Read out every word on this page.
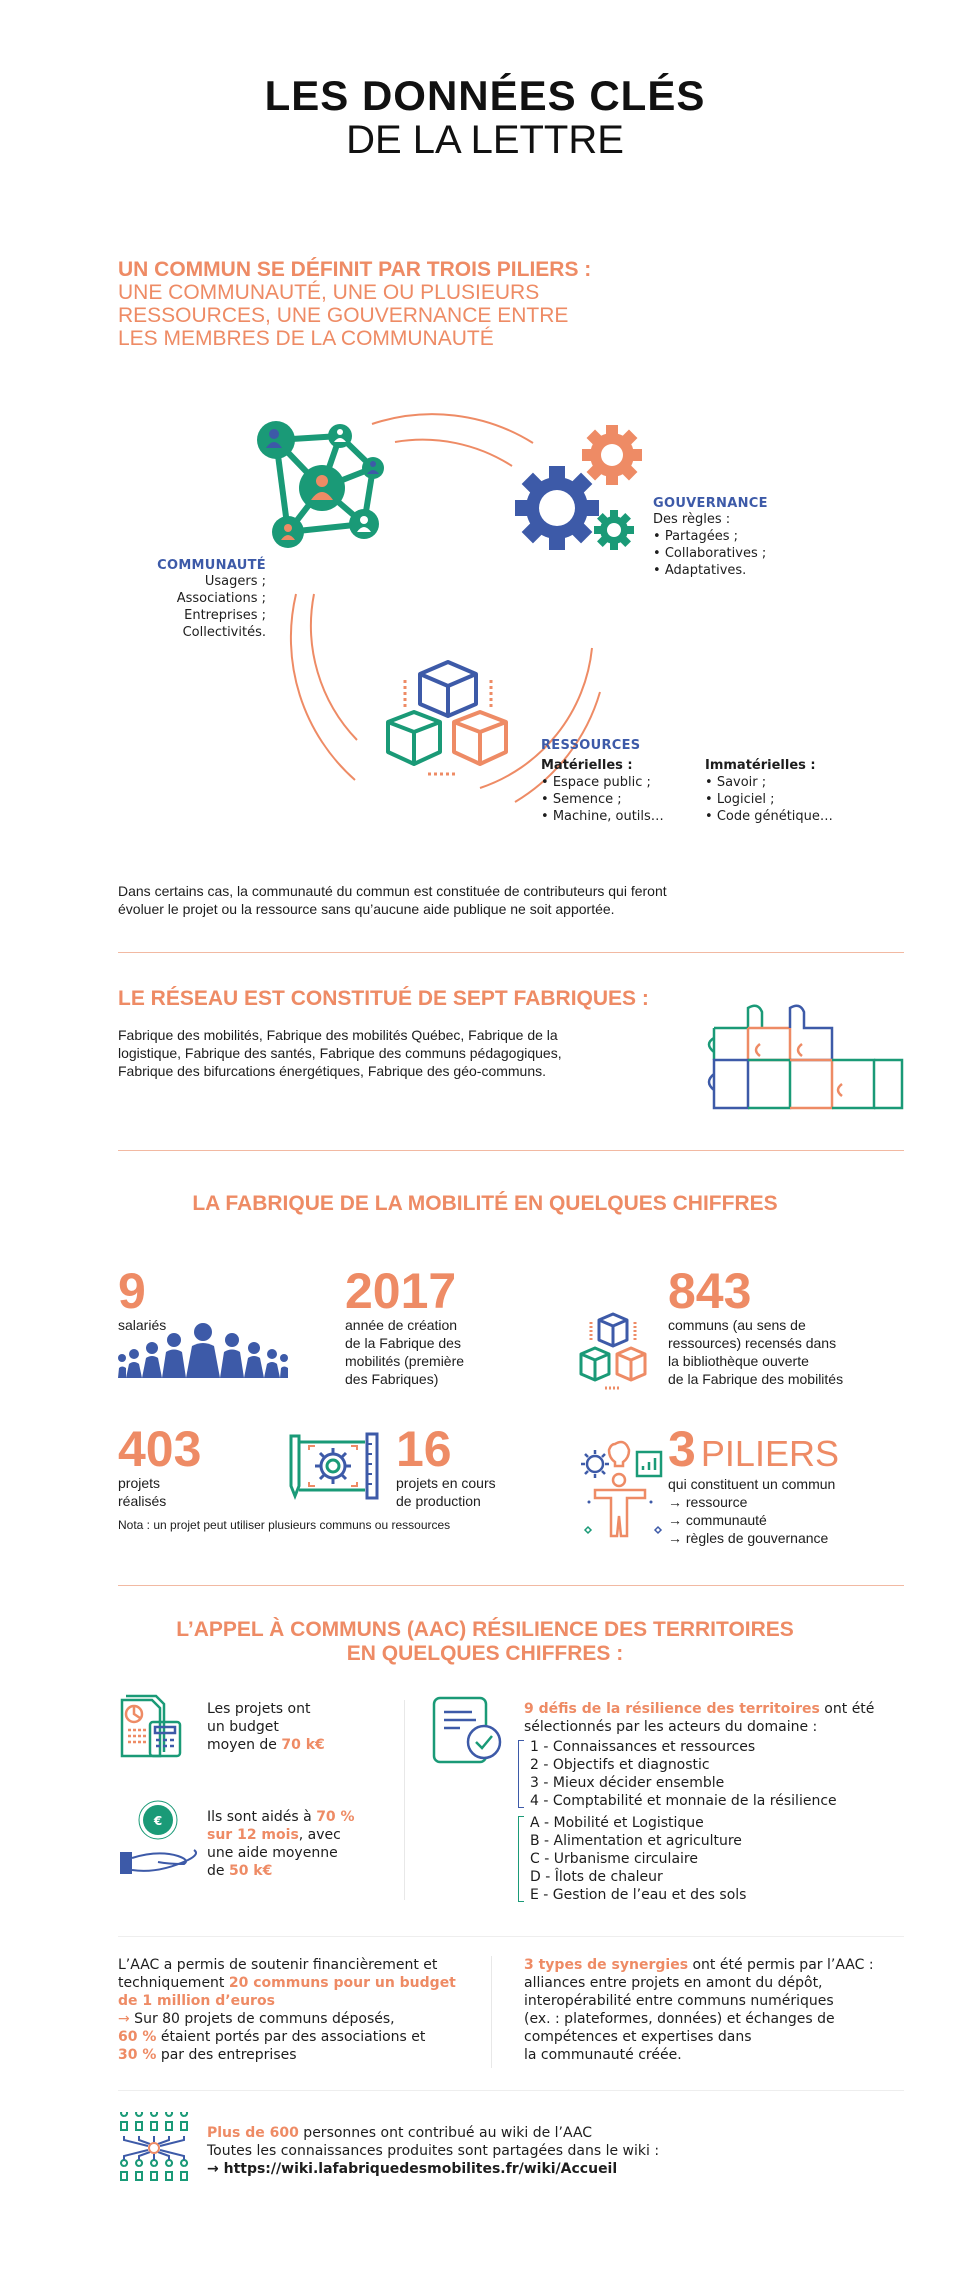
LES DONNÉES CLÉS
DE LA LETTRE
UN COMMUN SE DÉFINIT PAR TROIS PILIERS :
UNE COMMUNAUTÉ, UNE OU PLUSIEURS
RESSOURCES, UNE GOUVERNANCE ENTRE
LES MEMBRES DE LA COMMUNAUTÉ
COMMUNAUTÉ
Usagers ;
Associations ;
Entreprises ;
Collectivités.
GOUVERNANCE
Des règles :
• Partagées ;
• Collaboratives ;
• Adaptatives.
RESSOURCES
Matérielles :
• Espace public ;
• Semence ;
• Machine, outils…
Immatérielles :
• Savoir ;
• Logiciel ;
• Code génétique…
Dans certains cas, la communauté du commun est constituée de contributeurs qui feront
évoluer le projet ou la ressource sans qu’aucune aide publique ne soit apportée.
LE RÉSEAU EST CONSTITUÉ DE SEPT FABRIQUES :
Fabrique des mobilités, Fabrique des mobilités Québec, Fabrique de la
logistique, Fabrique des santés, Fabrique des communs pédagogiques,
Fabrique des bifurcations énergétiques, Fabrique des géo-communs.
LA FABRIQUE DE LA MOBILITÉ EN QUELQUES CHIFFRES
9
salariés
2017
année de création
de la Fabrique des
mobilités (première
des Fabriques)
843
communs (au sens de
ressources) recensés dans
la bibliothèque ouverte
de la Fabrique des mobilités
403
projets
réalisés
16
projets en cours
de production
Nota : un projet peut utiliser plusieurs communs ou ressources
3 PILIERS
qui constituent un commun
→ ressource
→ communauté
→ règles de gouvernance
L’APPEL À COMMUNS (AAC) RÉSILIENCE DES TERRITOIRES
EN QUELQUES CHIFFRES :
Les projets ont
un budget
moyen de 70 k€
€	Ils sont aidés à 70 %
sur 12 mois, avec
une aide moyenne
de 50 k€
9 défis de la résilience des territoires ont été
sélectionnés par les acteurs du domaine :
1 - Connaissances et ressources
2 - Objectifs et diagnostic
3 - Mieux décider ensemble
4 - Comptabilité et monnaie de la résilience
A - Mobilité et Logistique
B - Alimentation et agriculture
C - Urbanisme circulaire
D - Îlots de chaleur
E - Gestion de l’eau et des sols
L’AAC a permis de soutenir financièrement et
techniquement 20 communs pour un budget
de 1 million d’euros
→ Sur 80 projets de communs déposés,
60 % étaient portés par des associations et
30 % par des entreprises
3 types de synergies ont été permis par l’AAC :
alliances entre projets en amont du dépôt,
interopérabilité entre communs numériques
(ex. : plateformes, données) et échanges de
compétences et expertises dans
la communauté créée.
Plus de 600 personnes ont contribué au wiki de l’AAC
Toutes les connaissances produites sont partagées dans le wiki :
→ https://wiki.lafabriquedesmobilites.fr/wiki/Accueil
